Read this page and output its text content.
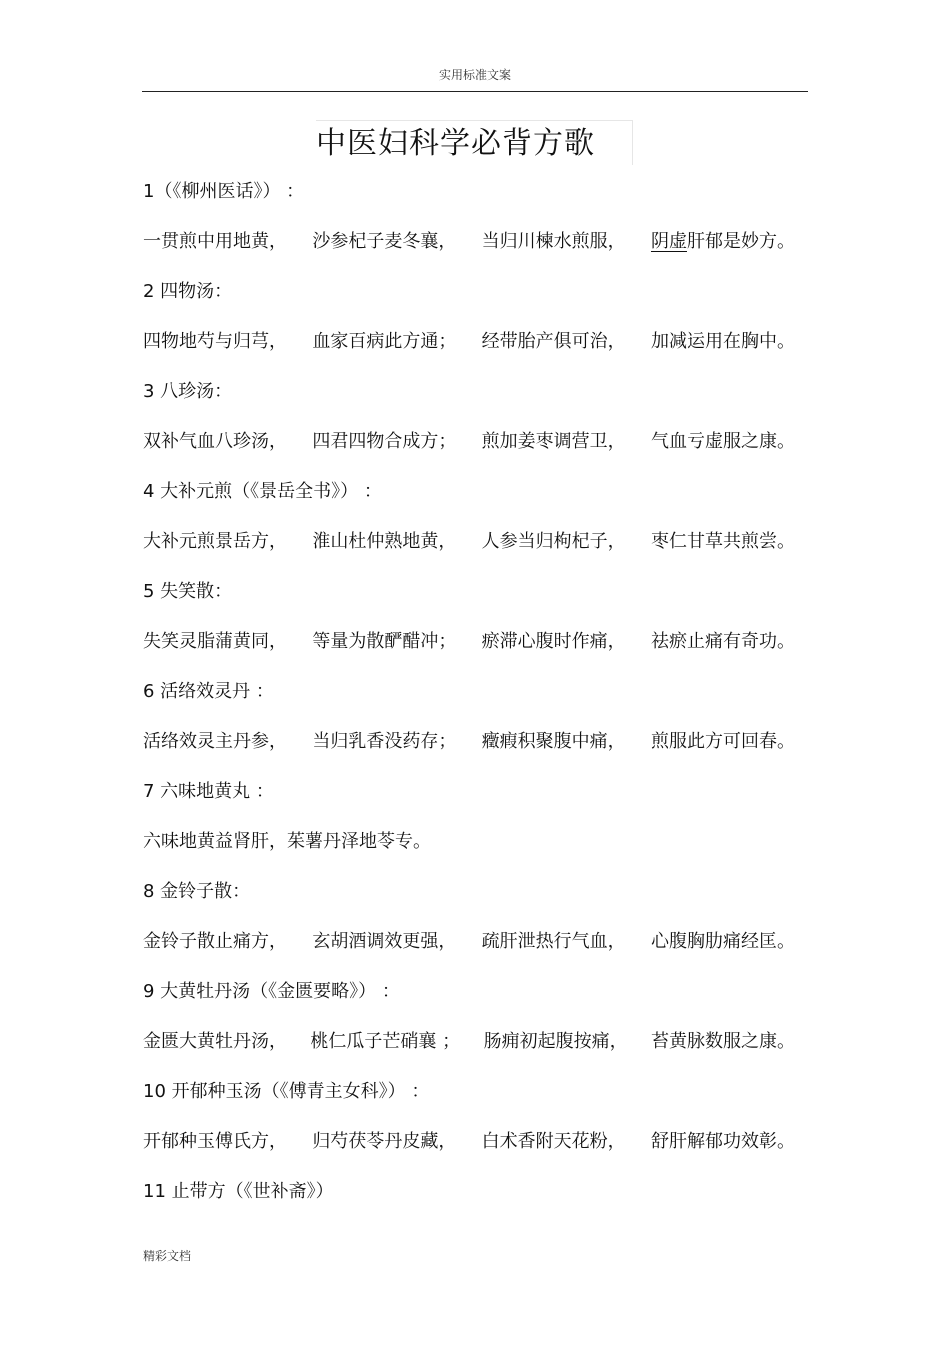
实用标准文案
中医妇科学必背方歌
1（《柳州医话》） ：
一贯煎中用地黄， 沙参杞子麦冬襄， 当归川楝水煎服， 阴虚肝郁是妙方。
2 四物汤：
四物地芍与归芎， 血家百病此方通； 经带胎产俱可治， 加减运用在胸中。
3 八珍汤：
双补气血八珍汤， 四君四物合成方； 煎加姜枣调营卫， 气血亏虚服之康。
4 大补元煎（《景岳全书》） ：
大补元煎景岳方， 淮山杜仲熟地黄， 人参当归枸杞子， 枣仁甘草共煎尝。
5 失笑散：
失笑灵脂蒲黄同， 等量为散酽醋冲； 瘀滞心腹时作痛， 祛瘀止痛有奇功。
6 活络效灵丹 ：
活络效灵主丹参， 当归乳香没药存； 癥瘕积聚腹中痛， 煎服此方可回春。
7 六味地黄丸 ：
六味地黄益肾肝，茱薯丹泽地苓专。
8 金铃子散：
金铃子散止痛方， 玄胡酒调效更强， 疏肝泄热行气血， 心腹胸肋痛经匡。
9 大黄牡丹汤（《金匮要略》） ：
金匮大黄牡丹汤， 桃仁瓜子芒硝襄 ； 肠痈初起腹按痛， 苔黄脉数服之康。
10 开郁种玉汤（《傅青主女科》） ：
开郁种玉傅氏方， 归芍茯苓丹皮藏， 白术香附天花粉， 舒肝解郁功效彰。
11 止带方（《世补斋》）
精彩文档
